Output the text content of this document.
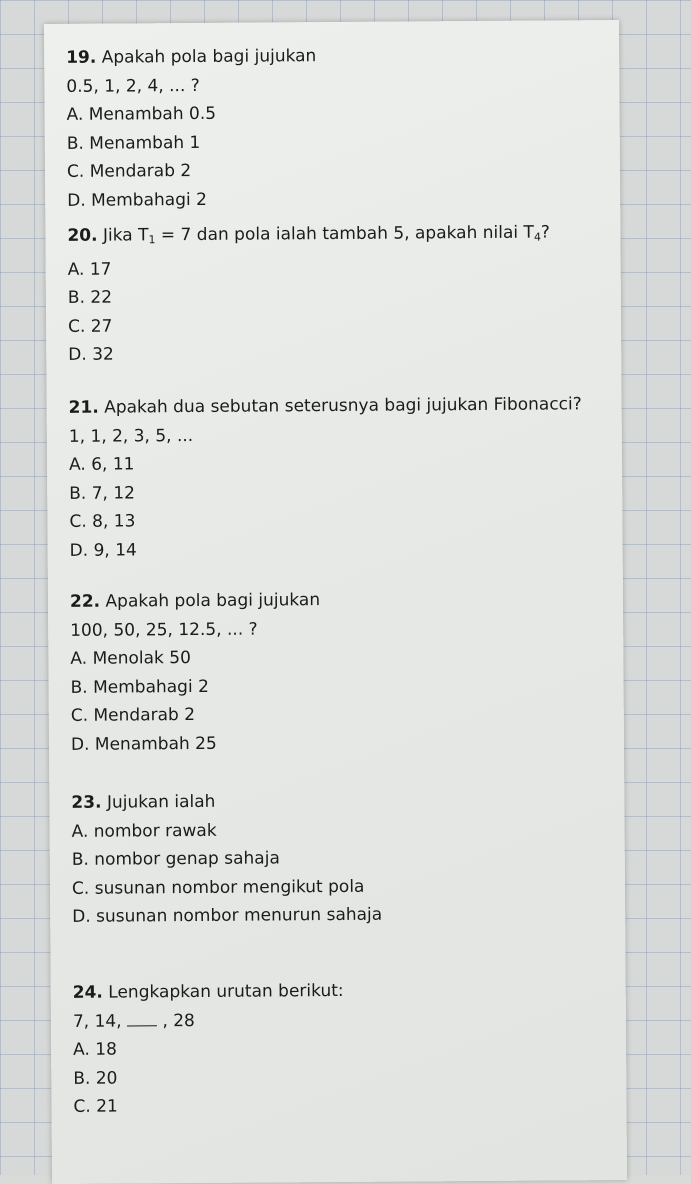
19. Apakah pola bagi jujukan

0.5, 1, 2, 4, ... ?

A. Menambah 0.5
B. Menambah 1
C. Mendarab 2
D. Membahagi 2

20. Jika $T_1 = 7$ dan pola ialah tambah 5, apakah nilai $T_4$?

A. 17
B. 22
C. 27
D. 32

21. Apakah dua sebutan seterusnya bagi jujukan Fibonacci?

1, 1, 2, 3, 5, ...

A. 6, 11
B. 7, 12
C. 8, 13
D. 9, 14

22. Apakah pola bagi jujukan

100, 50, 25, 12.5, ... ?

A. Menolak 50
B. Membahagi 2
C. Mendarab 2
D. Menambah 25

23. Jujukan ialah

A. nombor rawak
B. nombor genap sahaja
C. susunan nombor mengikut pola
D. susunan nombor menurun sahaja

24. Lengkapkan urutan berikut:

7, 14,  , 28

A. 18
B. 20
C. 21
